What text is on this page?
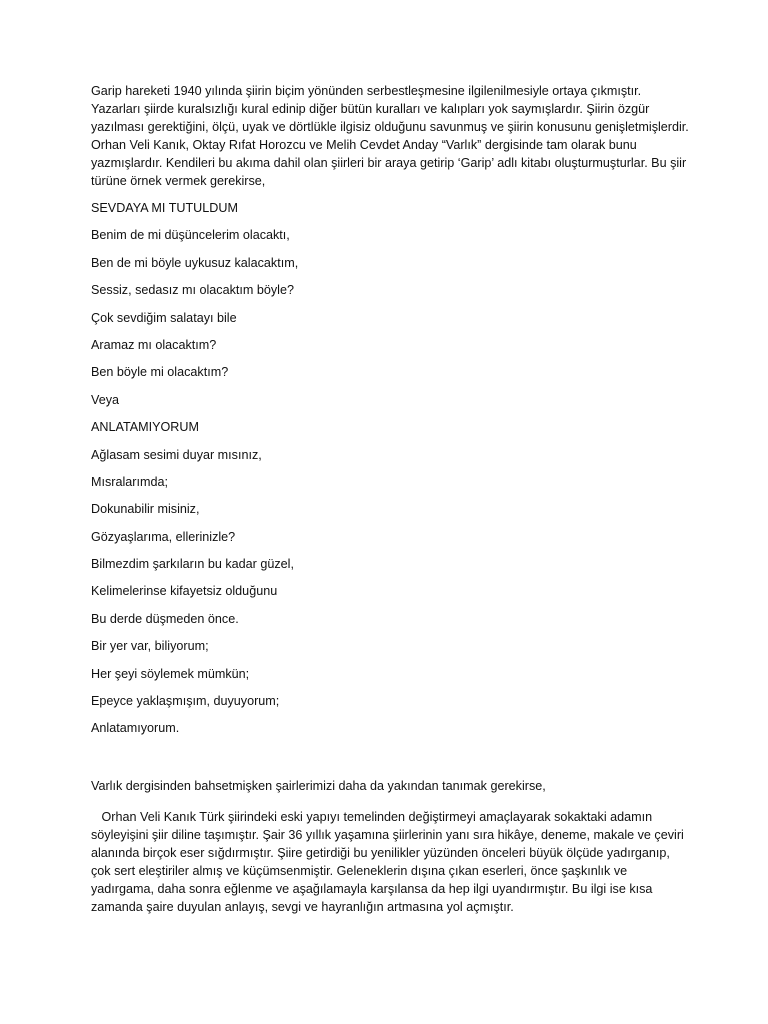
Garip hareketi 1940 yılında şiirin biçim yönünden serbestleşmesine ilgilenilmesiyle ortaya çıkmıştır. Yazarları şiirde kuralsızlığı kural edinip diğer bütün kuralları ve kalıpları yok saymışlardır. Şiirin özgür yazılması gerektiğini, ölçü, uyak ve dörtlükle ilgisiz olduğunu savunmuş ve şiirin konusunu genişletmişlerdir. Orhan Veli Kanık, Oktay Rıfat Horozcu ve Melih Cevdet Anday “Varlık” dergisinde tam olarak bunu yazmışlardır. Kendileri bu akıma dahil olan şiirleri bir araya getirip ‘Garip’ adlı kitabı oluşturmuşturlar. Bu şiir türüne örnek vermek gerekirse,

SEVDAYA MI TUTULDUM
Benim de mi düşüncelerim olacaktı,
Ben de mi böyle uykusuz kalacaktım,
Sessiz, sedasız mı olacaktım böyle?
Çok sevdiğim salatayı bile
Aramaz mı olacaktım?
Ben böyle mi olacaktım?
Veya
ANLATAMIYORUM
Ağlasam sesimi duyar mısınız,
Mısralarımda;
Dokunabilir misiniz,
Gözyaşlarıma, ellerinizle?
Bilmezdim şarkıların bu kadar güzel,
Kelimelerinse kifayetsiz olduğunu
Bu derde düşmeden önce.
Bir yer var, biliyorum;
Her şeyi söylemek mümkün;
Epeyce yaklaşmışım, duyuyorum;
Anlatamıyorum.

Varlık dergisinden bahsetmişken şairlerimizi daha da yakından tanımak gerekirse,

Orhan Veli Kanık Türk şiirindeki eski yapıyı temelinden değiştirmeyi amaçlayarak sokaktaki adamın söyleyişini şiir diline taşımıştır. Şair 36 yıllık yaşamına şiirlerinin yanı sıra hikâye, deneme, makale ve çeviri alanında birçok eser sığdırmıştır. Şiire getirdiği bu yenilikler yüzünden önceleri büyük ölçüde yadırganıp, çok sert eleştiriler almış ve küçümsenmiştir. Geleneklerin dışına çıkan eserleri, önce şaşkınlık ve yadırgama, daha sonra eğlenme ve aşağılamayla karşılansa da hep ilgi uyandırmıştır. Bu ilgi ise kısa zamanda şaire duyulan anlayış, sevgi ve hayranlığın artmasına yol açmıştır.
